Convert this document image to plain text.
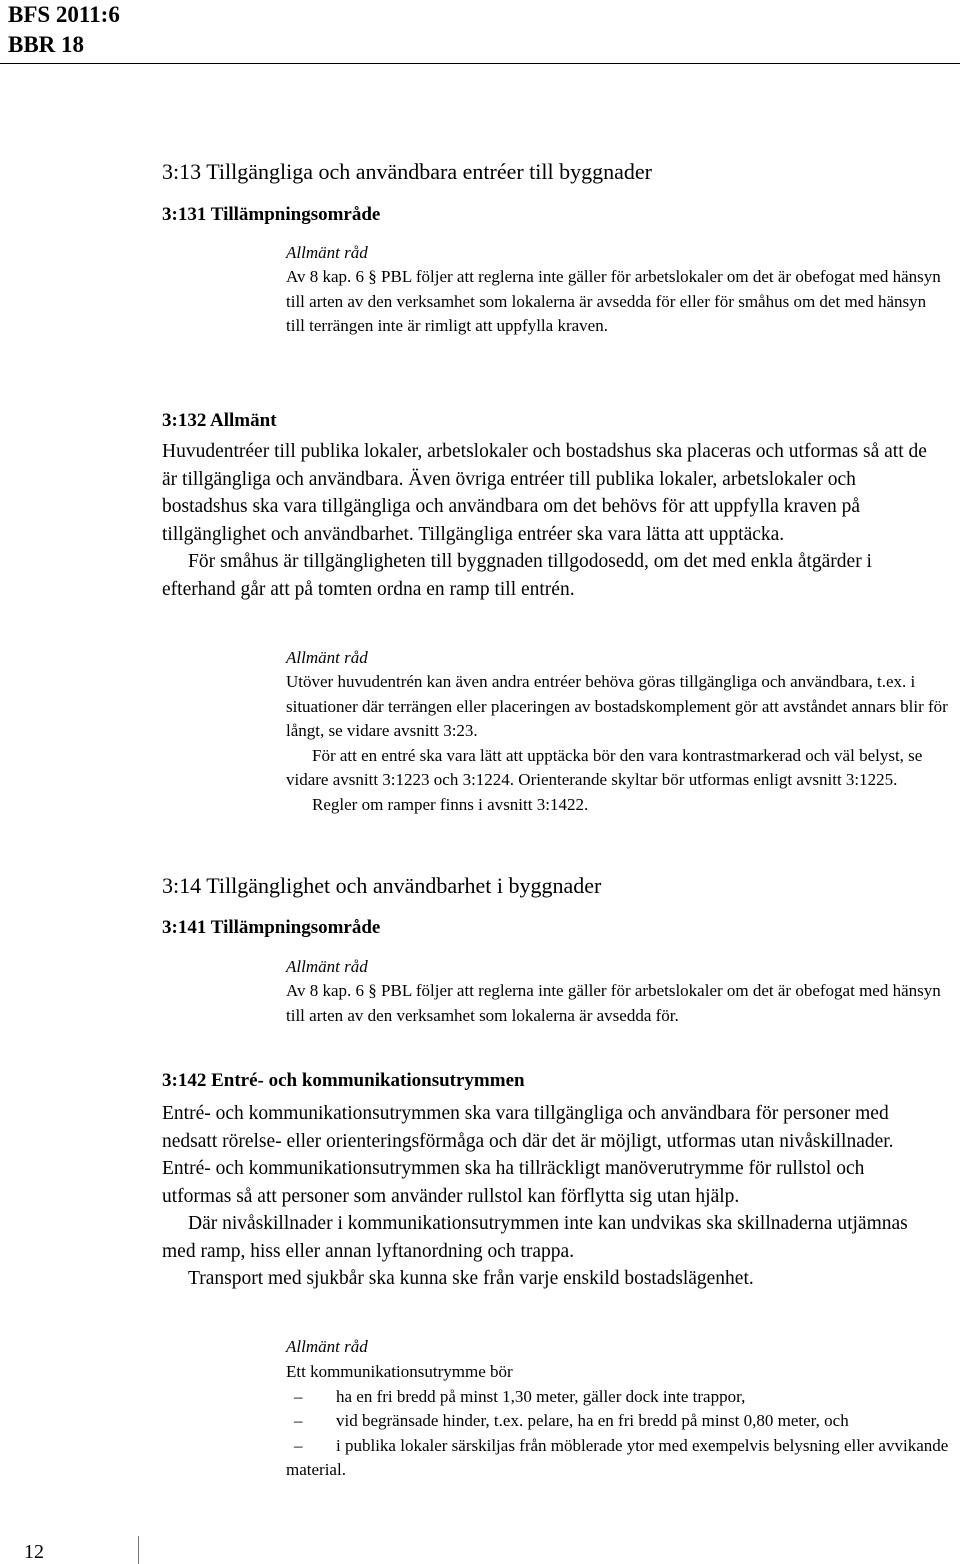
BFS 2011:6
BBR 18
3:13 Tillgängliga och användbara entréer till byggnader
3:131 Tillämpningsområde
Allmänt råd
Av 8 kap. 6 § PBL följer att reglerna inte gäller för arbetslokaler om det är obefogat med hänsyn till arten av den verksamhet som lokalerna är avsedda för eller för småhus om det med hänsyn till terrängen inte är rimligt att uppfylla kraven.
3:132 Allmänt

Huvudentréer till publika lokaler, arbetslokaler och bostadshus ska placeras och utformas så att de är tillgängliga och användbara. Även övriga entréer till publika lokaler, arbetslokaler och bostadshus ska vara tillgängliga och användbara om det behövs för att uppfylla kraven på tillgänglighet och användbarhet. Tillgängliga entréer ska vara lätta att upptäcka.

För småhus är tillgängligheten till byggnaden tillgodosedd, om det med enkla åtgärder i efterhand går att på tomten ordna en ramp till entrén.

Allmänt råd

Utöver huvudentrén kan även andra entréer behöva göras tillgängliga och användbara, t.ex. i situationer där terrängen eller placeringen av bostadskomplement gör att avståndet annars blir för långt, se vidare avsnitt 3:23.

För att en entré ska vara lätt att upptäcka bör den vara kontrastmarkerad och väl belyst, se vidare avsnitt 3:1223 och 3:1224. Orienterande skyltar bör utformas enligt avsnitt 3:1225.

Regler om ramper finns i avsnitt 3:1422.

3:14 Tillgänglighet och användbarhet i byggnader
3:141 Tillämpningsområde
Allmänt råd
Av 8 kap. 6 § PBL följer att reglerna inte gäller för arbetslokaler om det är obefogat med hänsyn till arten av den verksamhet som lokalerna är avsedda för.
3:142 Entré- och kommunikationsutrymmen

Entré- och kommunikationsutrymmen ska vara tillgängliga och användbara för personer med nedsatt rörelse- eller orienteringsförmåga och där det är möjligt, utformas utan nivåskillnader. Entré- och kommunikationsutrymmen ska ha tillräckligt manöverutrymme för rullstol och utformas så att personer som använder rullstol kan förflytta sig utan hjälp.

Där nivåskillnader i kommunikationsutrymmen inte kan undvikas ska skillnaderna utjämnas med ramp, hiss eller annan lyftanordning och trappa.

Transport med sjukbår ska kunna ske från varje enskild bostadslägenhet.

Allmänt råd

Ett kommunikationsutrymme bör

– ha en fri bredd på minst 1,30 meter, gäller dock inte trappor,
– vid begränsade hinder, t.ex. pelare, ha en fri bredd på minst 0,80 meter, och
– i publika lokaler särskiljas från möblerade ytor med exempelvis belysning eller avvikande material.
12
